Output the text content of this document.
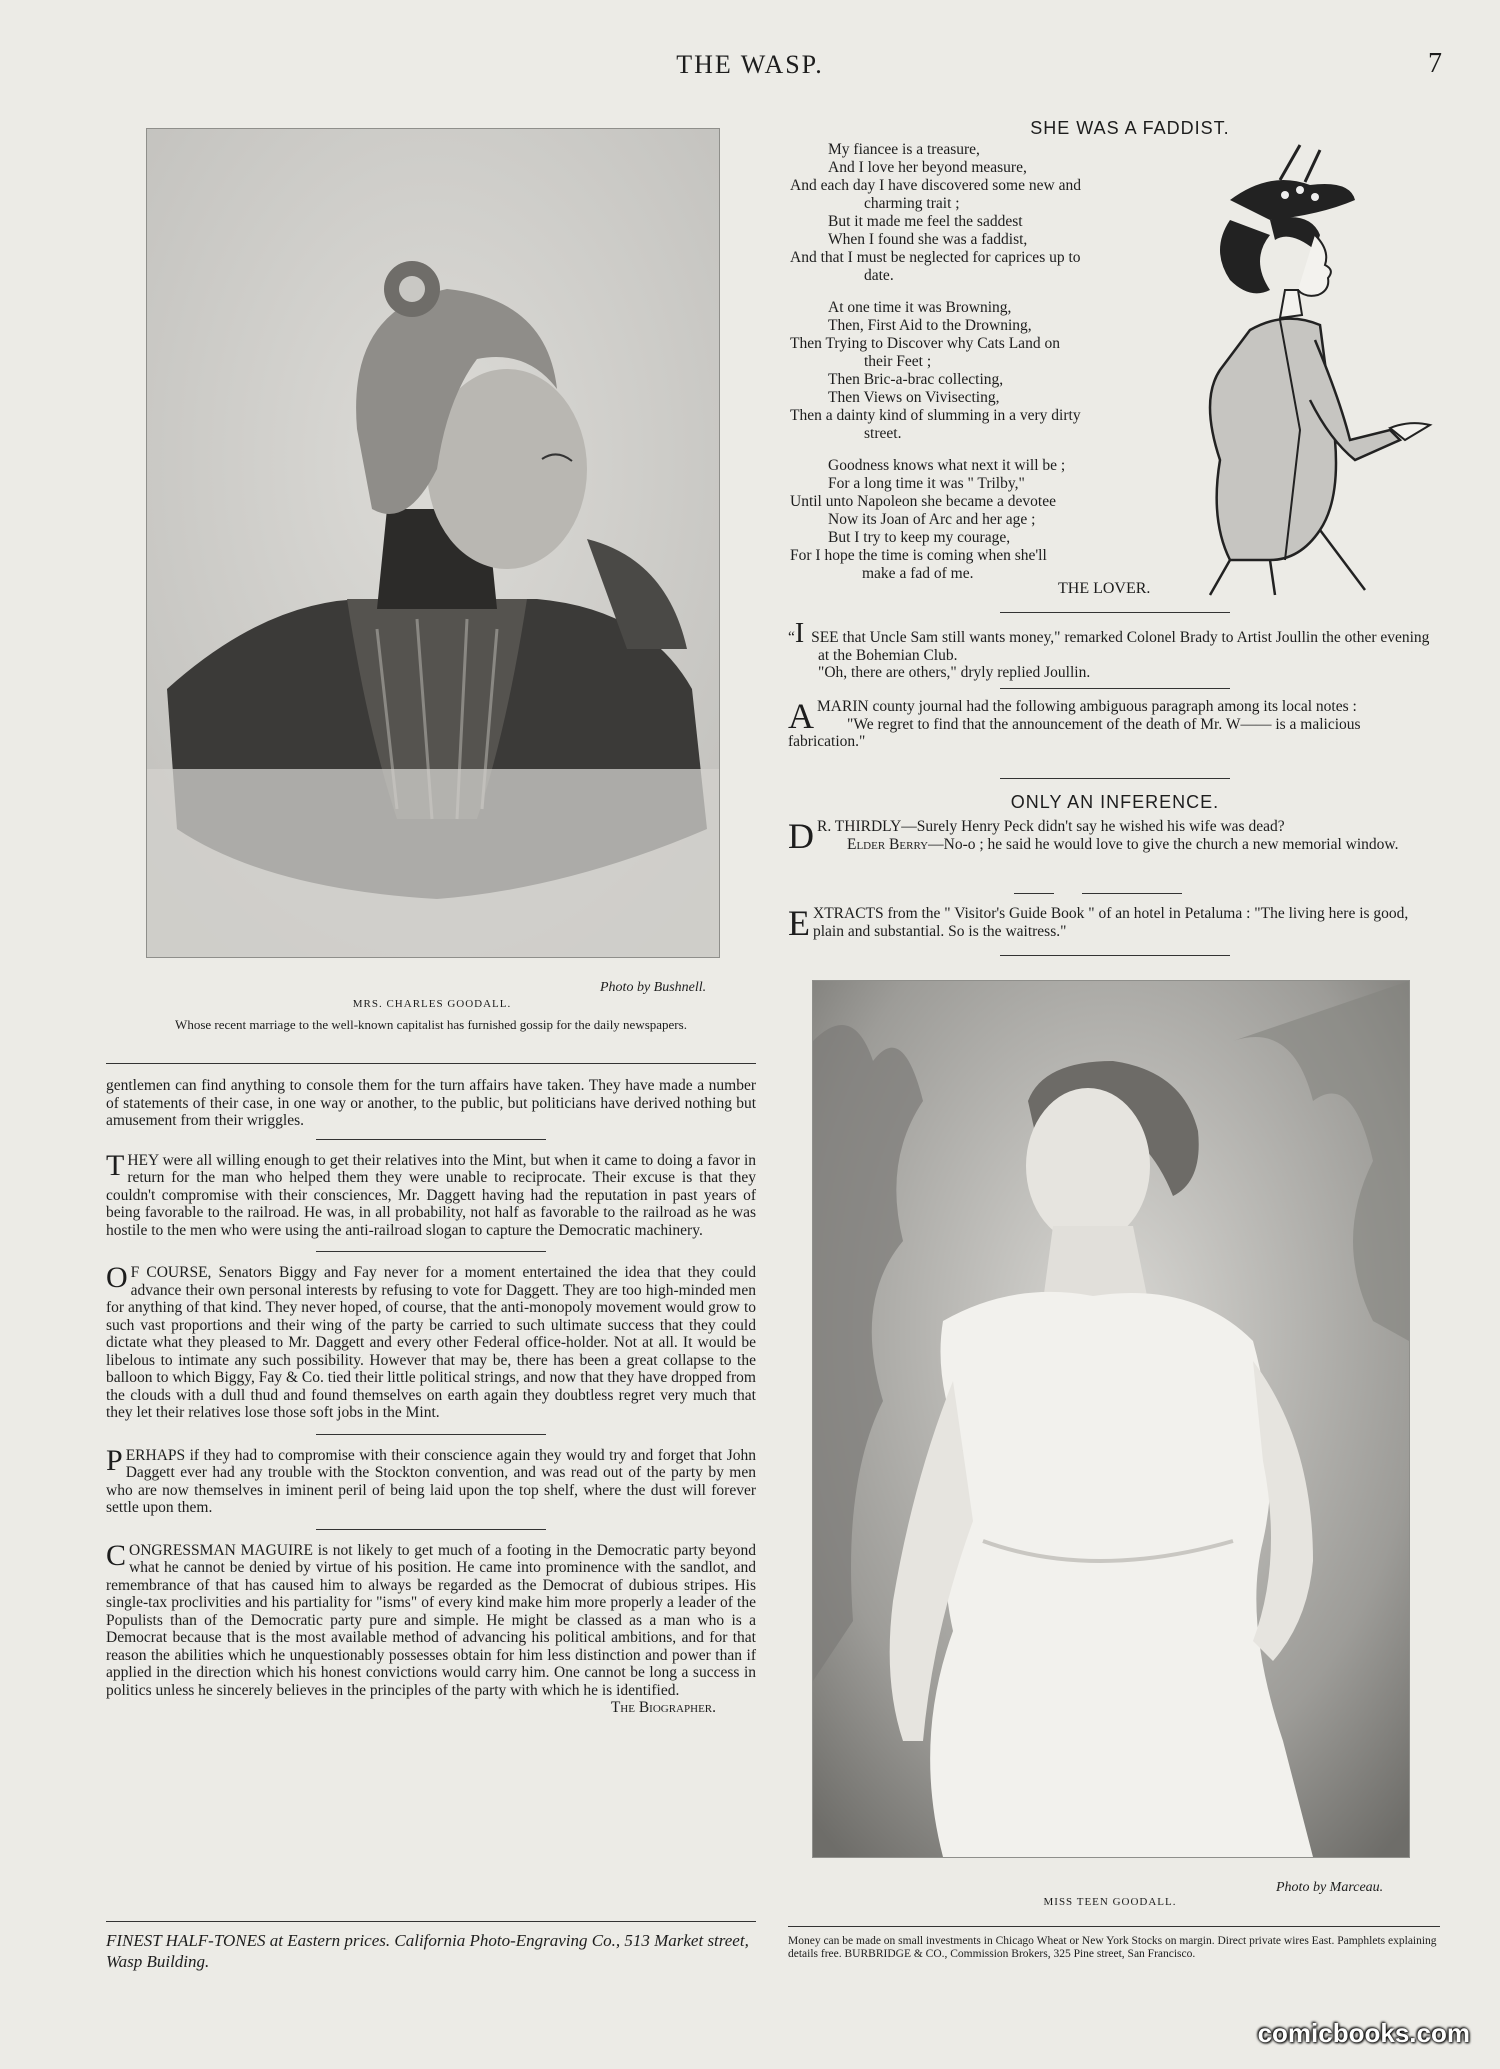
THE WASP.	7
Photo by Bushnell.
MRS. CHARLES GOODALL.
Whose recent marriage to the well-known capitalist has furnished gossip for the daily newspapers.

gentlemen can find anything to console them for the turn affairs have taken. They have made a number of statements of their case, in one way or another, to the public, but politicians have derived nothing but amusement from their wriggles.

THEY were all willing enough to get their relatives into the Mint, but when it came to doing a favor in return for the man who helped them they were unable to reciprocate. Their excuse is that they couldn't compromise with their consciences, Mr. Daggett having had the reputation in past years of being favorable to the railroad. He was, in all probability, not half as favorable to the railroad as he was hostile to the men who were using the anti-railroad slogan to capture the Democratic machinery.

O F COURSE, Senators Biggy and Fay never for a moment entertained the idea that they could advance their own personal interests by refusing to vote for Daggett. They are too high-minded men for anything of that kind. They never hoped, of course, that the anti-monopoly movement would grow to such vast proportions and their wing of the party be carried to such ultimate success that they could dictate what they pleased to Mr. Daggett and every other Federal office-holder. Not at all. It would be libelous to intimate any such possibility. However that may be, there has been a great collapse to the balloon to which Biggy, Fay & Co. tied their little political strings, and now that they have dropped from the clouds with a dull thud and found themselves on earth again they doubtless regret very much that they let their relatives lose those soft jobs in the Mint.

PERHAPS if they had to compromise with their conscience again they would try and forget that John Daggett ever had any trouble with the Stockton convention, and was read out of the party by men who are now themselves in iminent peril of being laid upon the top shelf, where the dust will forever settle upon them.

CONGRESSMAN MAGUIRE is not likely to get much of a footing in the Democratic party beyond what he cannot be denied by virtue of his position. He came into prominence with the sandlot, and remembrance of that has caused him to always be regarded as the Democrat of dubious stripes. His single-tax proclivities and his partiality for "isms" of every kind make him more properly a leader of the Populists than of the Democratic party pure and simple. He might be classed as a man who is a Democrat because that is the most available method of advancing his political ambitions, and for that reason the abilities which he unquestionably possesses obtain for him less distinction and power than if applied in the direction which his honest convictions would carry him. One cannot be long a success in politics unless he sincerely believes in the principles of the party with which he is identified.
The Biographer.

FINEST HALF-TONES at Eastern prices. California Photo-Engraving Co., 513 Market street, Wasp Building.
SHE WAS A FADDIST.
My fiancee is a treasure,
And I love her beyond measure,
And each day I have discovered some new and
charming trait ;
But it made me feel the saddest
When I found she was a faddist,
And that I must be neglected for caprices up to
date.
At one time it was Browning,
Then, First Aid to the Drowning,
Then Trying to Discover why Cats Land on
their Feet ;
Then Bric-a-brac collecting,
Then Views on Vivisecting,
Then a dainty kind of slumming in a very dirty
street.
Goodness knows what next it will be ;
For a long time it was " Trilby,"
Until unto Napoleon she became a devotee
Now its Joan of Arc and her age ;
But I try to keep my courage,
For I hope the time is coming when she'll
make a fad of me.
THE LOVER.
“I SEE that Uncle Sam still wants money," remarked Colonel Brady to Artist Joullin the other evening at the Bohemian Club.
"Oh, there are others," dryly replied Joullin.
AMARIN county journal had the following ambiguous paragraph among its local notes :
"We regret to find that the announcement of the death of Mr. W—— is a malicious fabrication."
ONLY AN INFERENCE.
D R. THIRDLY—Surely Henry Peck didn't say he wished his wife was dead?
Elder Berry—No-o ; he said he would love to give the church a new memorial window.
EXTRACTS from the " Visitor's Guide Book " of an hotel in Petaluma : "The living here is good, plain and substantial. So is the waitress."
Photo by Marceau.
MISS TEEN GOODALL.
Money can be made on small investments in Chicago Wheat or New York Stocks on margin. Direct private wires East. Pamphlets explaining details free. BURBRIDGE & CO., Commission Brokers, 325 Pine street, San Francisco.
comicbooks.com
